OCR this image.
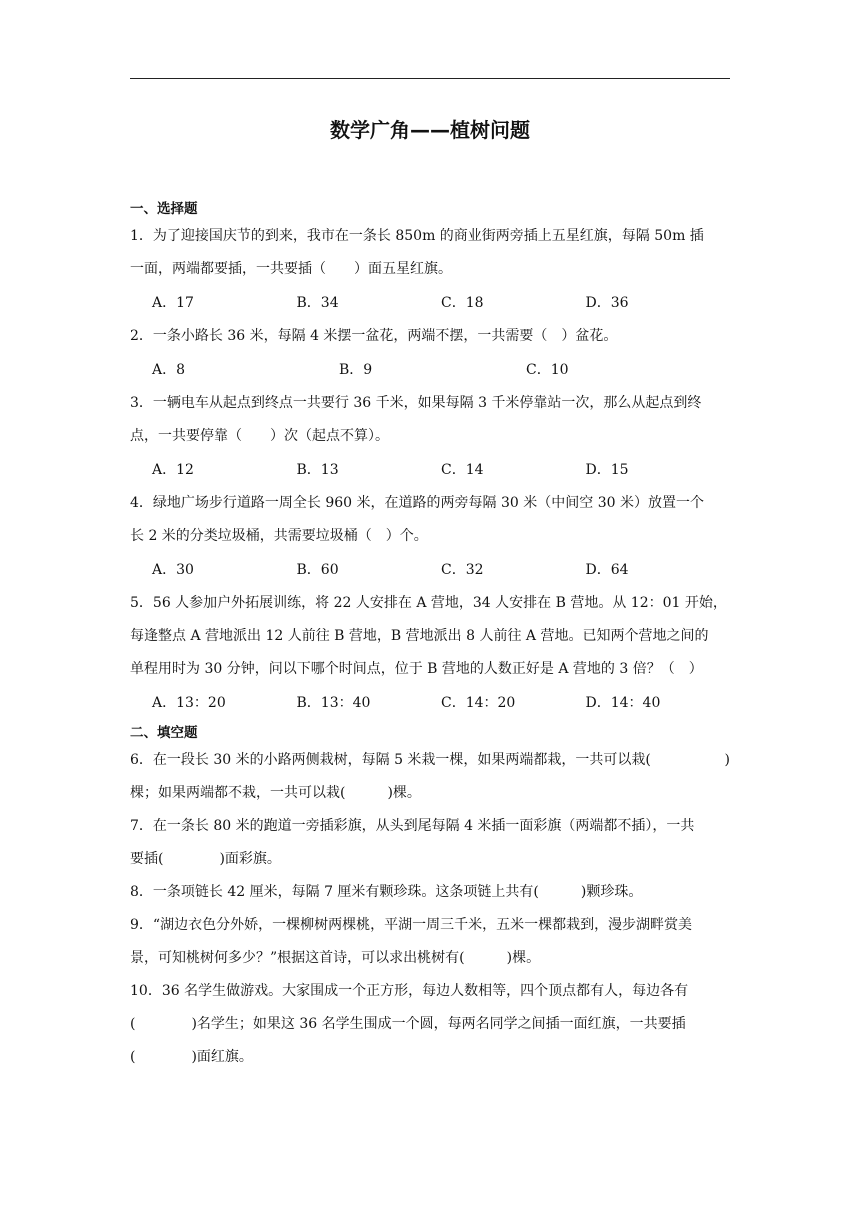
数学广角——植树问题
一、选择题
1．为了迎接国庆节的到来，我市在一条长 850m 的商业街两旁插上五星红旗，每隔 50m 插
一面，两端都要插，一共要插（　　）面五星红旗。
A．17	B．34	C．18	D．36
2．一条小路长 36 米，每隔 4 米摆一盆花，两端不摆，一共需要（　）盆花。
A．8	B．9	C．10
3．一辆电车从起点到终点一共要行 36 千米，如果每隔 3 千米停靠站一次，那么从起点到终
点，一共要停靠（　　）次（起点不算）。
A．12	B．13	C．14	D．15
4．绿地广场步行道路一周全长 960 米，在道路的两旁每隔 30 米（中间空 30 米）放置一个
长 2 米的分类垃圾桶，共需要垃圾桶（　）个。
A．30	B．60	C．32	D．64
5．56 人参加户外拓展训练，将 22 人安排在 A 营地，34 人安排在 B 营地。从 12：01 开始，
每逢整点 A 营地派出 12 人前往 B 营地，B 营地派出 8 人前往 A 营地。已知两个营地之间的
单程用时为 30 分钟，问以下哪个时间点，位于 B 营地的人数正好是 A 营地的 3 倍？（　）
A．13：20	B．13：40	C．14：20	D．14：40
二、填空题
6．在一段长 30 米的小路两侧栽树，每隔 5 米栽一棵，如果两端都栽，一共可以栽(	)
棵；如果两端都不栽，一共可以栽(　　　)棵。
7．在一条长 80 米的跑道一旁插彩旗，从头到尾每隔 4 米插一面彩旗（两端都不插），一共
要插(　　　　)面彩旗。
8．一条项链长 42 厘米，每隔 7 厘米有颗珍珠。这条项链上共有(　　　)颗珍珠。
9．“湖边衣色分外娇，一棵柳树两棵桃，平湖一周三千米，五米一棵都栽到，漫步湖畔赏美
景，可知桃树何多少？”根据这首诗，可以求出桃树有(　　　)棵。
10．36 名学生做游戏。大家围成一个正方形，每边人数相等，四个顶点都有人，每边各有
(　　　　)名学生；如果这 36 名学生围成一个圆，每两名同学之间插一面红旗，一共要插
(　　　　)面红旗。
